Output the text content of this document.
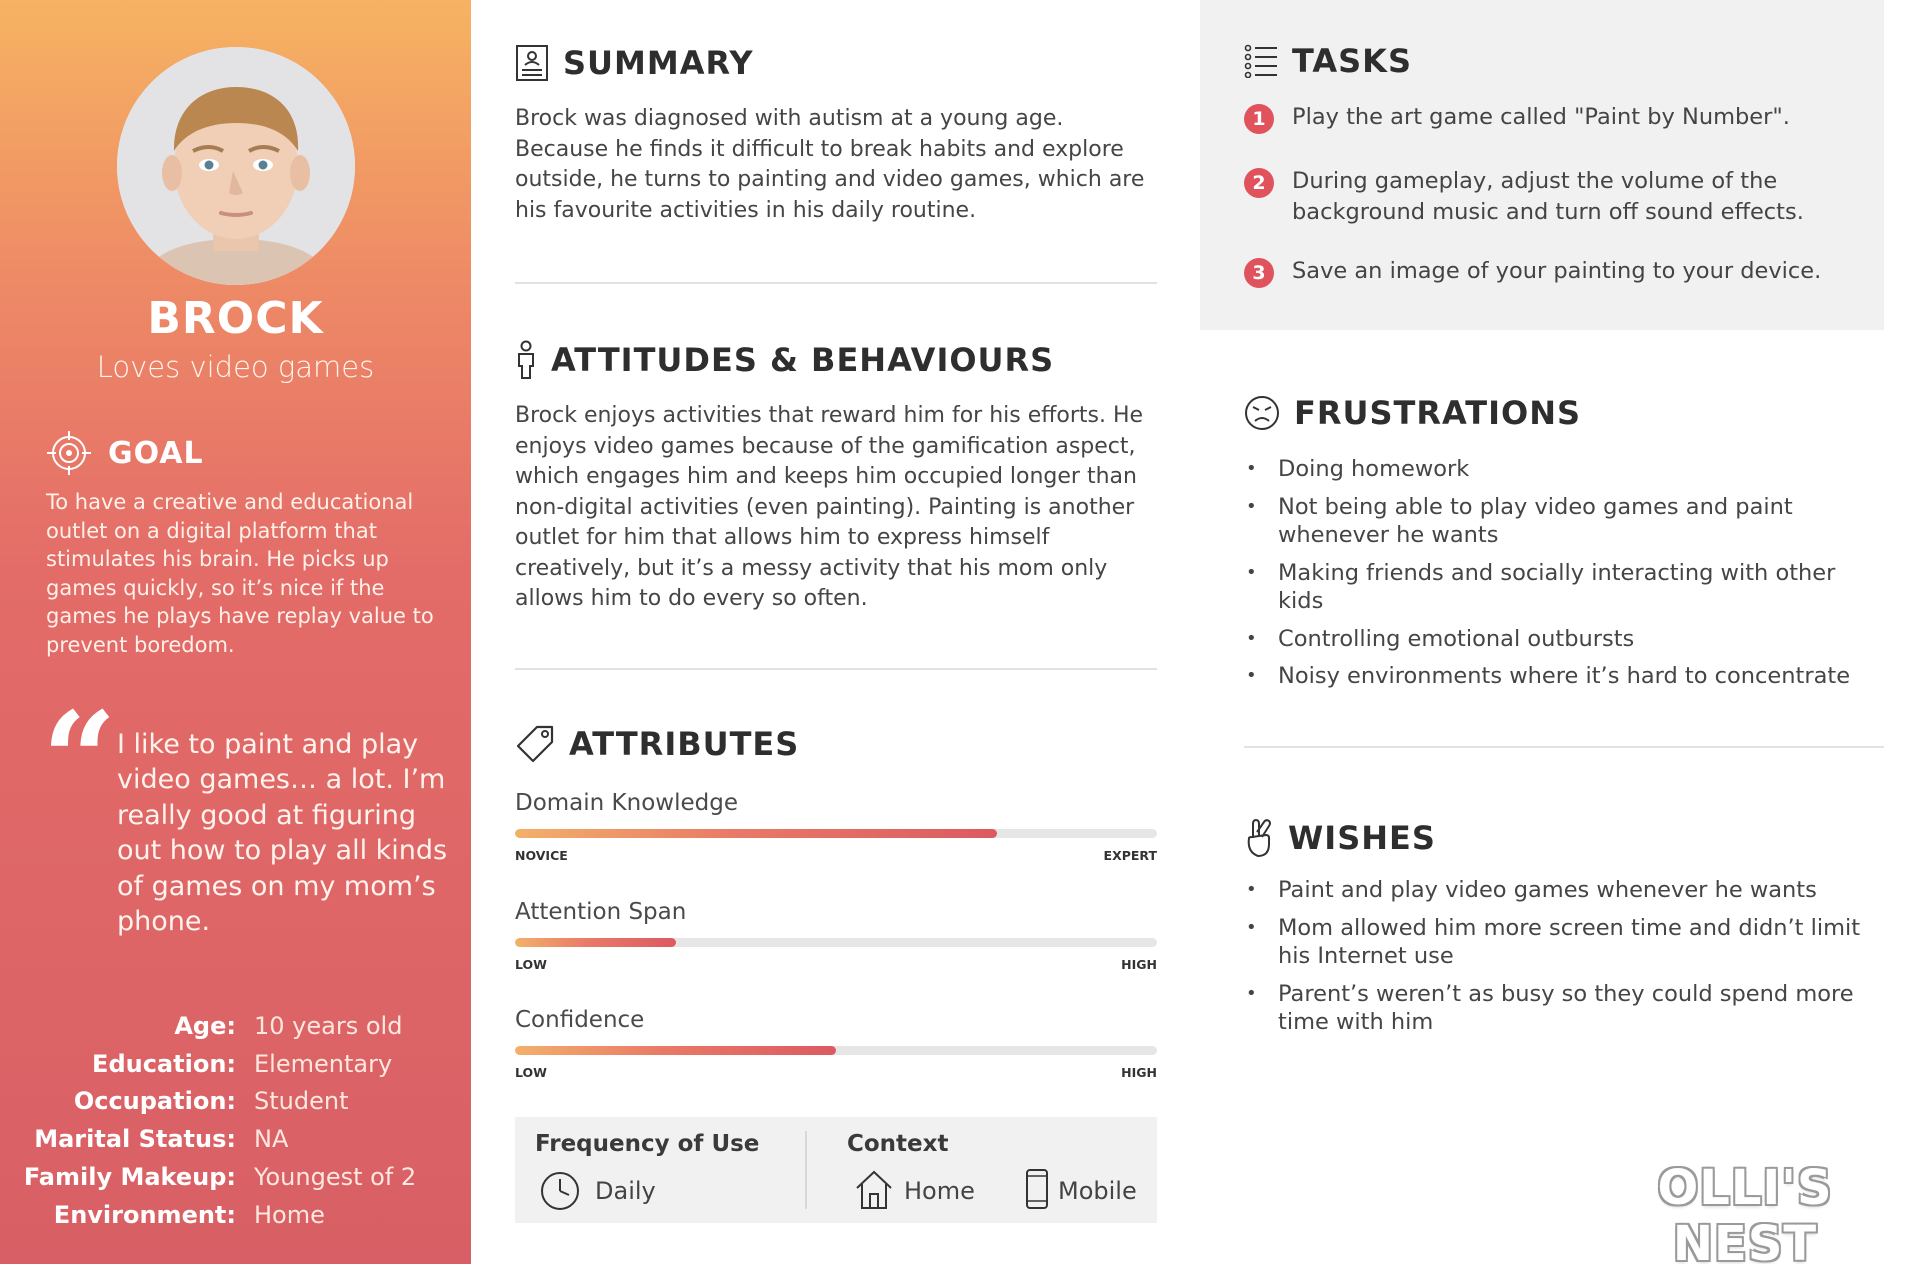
BROCK
Loves video games
GOAL
To have a creative and educational outlet on a digital platform that stimulates his brain. He picks up games quickly, so it’s nice if the games he plays have replay value to prevent boredom.
“ I like to paint and play video games… a lot. I’m really good at figuring out how to play all kinds of games on my mom’s phone.
Age: 10 years old
Education: Elementary
Occupation: Student
Marital Status: NA
Family Makeup: Youngest of 2
Environment: Home
SUMMARY
Brock was diagnosed with autism at a young age. Because he finds it difficult to break habits and explore outside, he turns to painting and video games, which are his favourite activities in his daily routine.
ATTITUDES & BEHAVIOURS
Brock enjoys activities that reward him for his efforts. He enjoys video games because of the gamification aspect, which engages him and keeps him occupied longer than non-digital activities (even painting). Painting is another outlet for him that allows him to express himself creatively, but it’s a messy activity that his mom only allows him to do every so often.
ATTRIBUTES
Domain Knowledge
NOVICE	EXPERT
Attention Span
LOW	HIGH
Confidence
LOW	HIGH
Frequency of Use
Daily
Context
Home	Mobile
TASKS
1	Play the art game called "Paint by Number".
2	During gameplay, adjust the volume of the background music and turn off sound effects.
3	Save an image of your painting to your device.
FRUSTRATIONS
• Doing homework
• Not being able to play video games and paint whenever he wants
• Making friends and socially interacting with other kids
• Controlling emotional outbursts
• Noisy environments where it’s hard to concentrate
WISHES
• Paint and play video games whenever he wants
• Mom allowed him more screen time and didn’t limit his Internet use
• Parent’s weren’t as busy so they could spend more time with him
OLLI'S NEST
